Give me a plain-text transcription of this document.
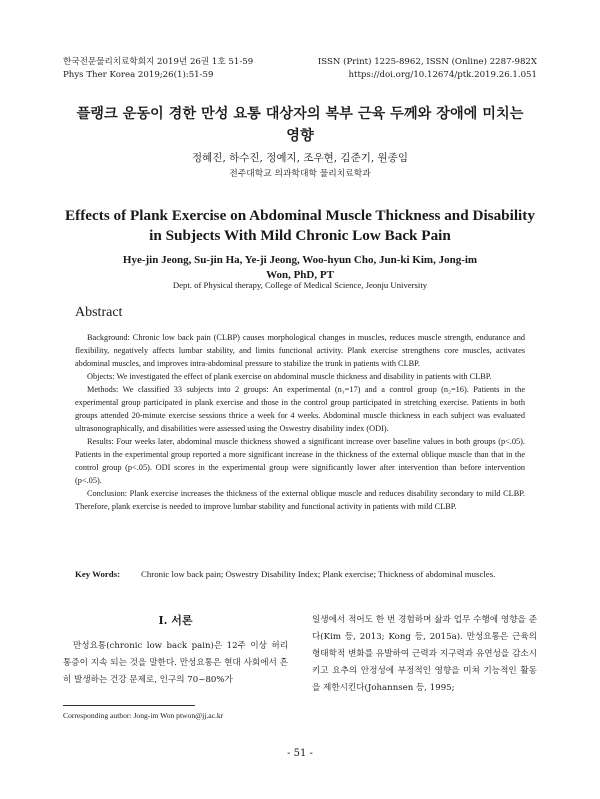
한국전문물리치료학회지 2019년 26권 1호 51-59
Phys Ther Korea 2019;26(1):51-59
ISSN (Print) 1225-8962, ISSN (Online) 2287-982X
https://doi.org/10.12674/ptk.2019.26.1.051
플랭크 운동이 경한 만성 요통 대상자의 복부 근육 두께와 장애에 미치는 영향
정혜진, 하수진, 정예지, 조우현, 김준기, 원종임
전주대학교 의과학대학 물리치료학과
Effects of Plank Exercise on Abdominal Muscle Thickness and Disability in Subjects With Mild Chronic Low Back Pain
Hye-jin Jeong, Su-jin Ha, Ye-ji Jeong, Woo-hyun Cho, Jun-ki Kim, Jong-im Won, PhD, PT
Dept. of Physical therapy, College of Medical Science, Jeonju University
Abstract

Background: Chronic low back pain (CLBP) causes morphological changes in muscles, reduces muscle strength, endurance and flexibility, negatively affects lumbar stability, and limits functional activity. Plank exercise strengthens core muscles, activates abdominal muscles, and improves intra-abdominal pressure to stabilize the trunk in patients with CLBP.

Objects: We investigated the effect of plank exercise on abdominal muscle thickness and disability in patients with CLBP.

Methods: We classified 33 subjects into 2 groups: An experimental (n₁=17) and a control group (n₂=16). Patients in the experimental group participated in plank exercise and those in the control group participated in stretching exercise. Patients in both groups attended 20-minute exercise sessions thrice a week for 4 weeks. Abdominal muscle thickness in each subject was evaluated ultrasonographically, and disabilities were assessed using the Oswestry disability index (ODI).

Results: Four weeks later, abdominal muscle thickness showed a significant increase over baseline values in both groups (p<.05). Patients in the experimental group reported a more significant increase in the thickness of the external oblique muscle than that in the control group (p<.05). ODI scores in the experimental group were significantly lower after intervention than before intervention (p<.05).

Conclusion: Plank exercise increases the thickness of the external oblique muscle and reduces disability secondary to mild CLBP. Therefore, plank exercise is needed to improve lumbar stability and functional activity in patients with mild CLBP.

Key Words: Chronic low back pain; Oswestry Disability Index; Plank exercise; Thickness of abdominal muscles.
Ⅰ. 서론

만성요통(chronic low back pain)은 12주 이상 허리 통증이 지속 되는 것을 말한다. 만성요통은 현대 사회에서 흔히 발생하는 건강 문제로, 인구의 70~80%가

일생에서 적어도 한 번 경험하며 삶과 업무 수행에 영향을 준다(Kim 등, 2013; Kong 등, 2015a). 만성요통은 근육의 형태학적 변화를 유발하여 근력과 지구력과 유연성을 감소시키고 요추의 안정성에 부정적인 영향을 미쳐 기능적인 활동을 제한시킨다(Johannsen 등, 1995;

Corresponding author: Jong-im Won ptwon@jj.ac.kr
- 51 -
